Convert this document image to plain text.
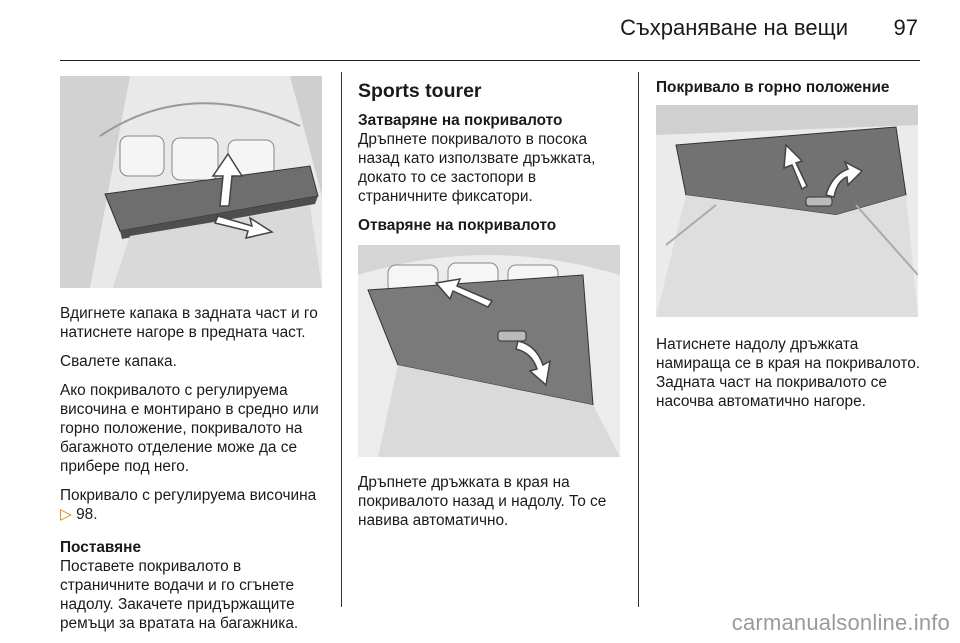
Съхраняване на вещи	97

Вдигнете капака в задната част и го натиснете нагоре в предната част.

Свалете капака.

Ако покривалото с регулируема височина е монтирано в средно или горно положение, покривалото на багажното отделение може да се прибере под него.

Покривало с регулируема височина ▷ 98.

Поставяне

Поставете покривалото в страничните водачи и го сгънете надолу. Закачете придържащите ремъци за вратата на багажника.

Sports tourer

Затваряне на покривалото

Дръпнете покривалото в посока назад като използвате дръжката, докато то се застопори в страничните фиксатори.

Отваряне на покривалото

Дръпнете дръжката в края на покривалото назад и надолу. То се навива автоматично.

Покривало в горно положение

Натиснете надолу дръжката намираща се в края на покривалото. Задната част на покривалото се насочва автоматично нагоре.

carmanualsonline.info
